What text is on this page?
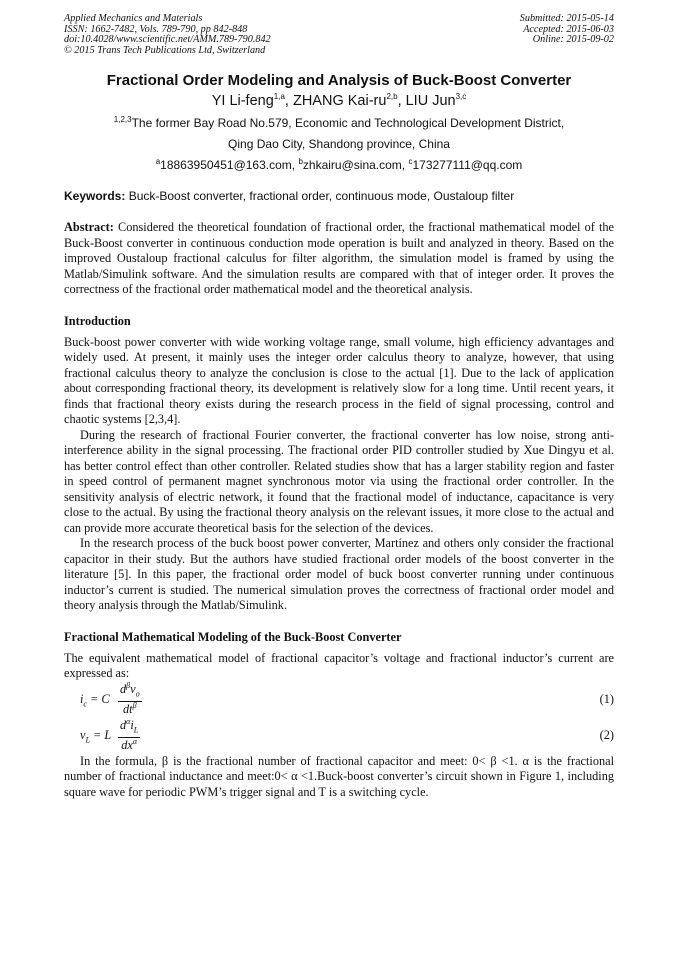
Applied Mechanics and Materials
ISSN: 1662-7482, Vols. 789-790, pp 842-848
doi:10.4028/www.scientific.net/AMM.789-790.842
© 2015 Trans Tech Publications Ltd, Switzerland
Submitted: 2015-05-14
Accepted: 2015-06-03
Online: 2015-09-02
Fractional Order Modeling and Analysis of Buck-Boost Converter
YI Li-feng$^{1,a}$, ZHANG Kai-ru$^{2,b}$, LIU Jun$^{3,c}$
$^{1,2,3}$The former Bay Road No.579, Economic and Technological Development District,
Qing Dao City, Shandong province, China
$^a$18863950451@163.com, $^b$zhkairu@sina.com, $^c$173277111@qq.com
Keywords: Buck-Boost converter, fractional order, continuous mode, Oustaloup filter
Abstract: Considered the theoretical foundation of fractional order, the fractional mathematical model of the Buck-Boost converter in continuous conduction mode operation is built and analyzed in theory. Based on the improved Oustaloup fractional calculus for filter algorithm, the simulation model is framed by using the Matlab/Simulink software. And the simulation results are compared with that of integer order. It proves the correctness of the fractional order mathematical model and the theoretical analysis.
Introduction
Buck-boost power converter with wide working voltage range, small volume, high efficiency advantages and widely used. At present, it mainly uses the integer order calculus theory to analyze, however, that using fractional calculus theory to analyze the conclusion is close to the actual [1]. Due to the lack of application about corresponding fractional theory, its development is relatively slow for a long time. Until recent years, it finds that fractional theory exists during the research process in the field of signal processing, control and chaotic systems [2,3,4].
During the research of fractional Fourier converter, the fractional converter has low noise, strong anti-interference ability in the signal processing. The fractional order PID controller studied by Xue Dingyu et al. has better control effect than other controller. Related studies show that has a larger stability region and faster in speed control of permanent magnet synchronous motor via using the fractional order controller. In the sensitivity analysis of electric network, it found that the fractional model of inductance, capacitance is very close to the actual. By using the fractional theory analysis on the relevant issues, it more close to the actual and can provide more accurate theoretical basis for the selection of the devices.
In the research process of the buck boost power converter, Martínez and others only consider the fractional capacitor in their study. But the authors have studied fractional order models of the boost converter in the literature [5]. In this paper, the fractional order model of buck boost converter running under continuous inductor’s current is studied. The numerical simulation proves the correctness of fractional order model and theory analysis through the Matlab/Simulink.
Fractional Mathematical Modeling of the Buck-Boost Converter
The equivalent mathematical model of fractional capacitor’s voltage and fractional inductor’s current are expressed as:
$i_c = C$
$d^\beta v_o$
$dt^\beta$	(1)
$v_L = L$
$d^\alpha i_L$
$dx^\alpha$	(2)
In the formula, β is the fractional number of fractional capacitor and meet: 0< β <1. α is the fractional number of fractional inductance and meet:0< α <1.Buck-boost converter’s circuit shown in Figure 1, including square wave for periodic PWM’s trigger signal and T is a switching cycle.
